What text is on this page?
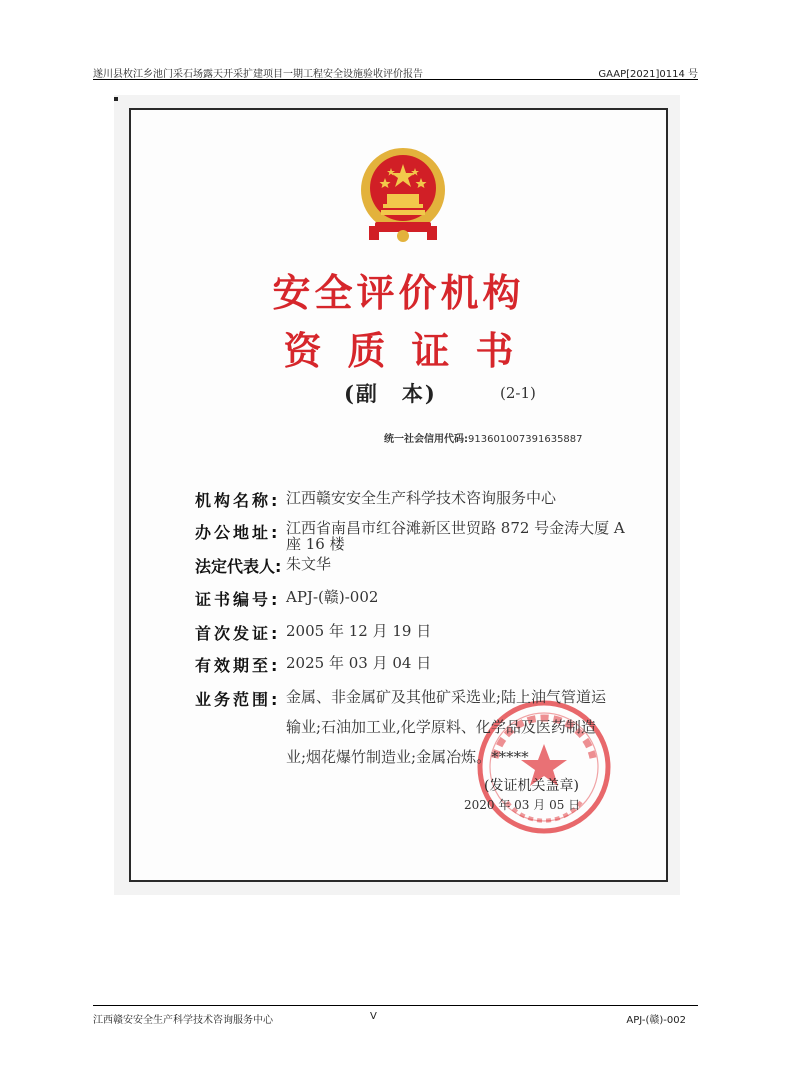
遂川县枚江乡池门采石场露天开采扩建项目一期工程安全设施验收评价报告	GAAP[2021]0114 号
安全评价机构
资质证书
(副　本)	(2-1)
统一社会信用代码:913601007391635887
机构名称: 江西赣安安全生产科学技术咨询服务中心
办公地址: 江西省南昌市红谷滩新区世贸路 872 号金涛大厦 A
座 16 楼
法定代表人: 朱文华
证书编号: APJ-(赣)-002
首次发证: 2005 年 12 月 19 日
有效期至: 2025 年 03 月 04 日
业务范围: 金属、非金属矿及其他矿采选业;陆上油气管道运
输业;石油加工业,化学原料、化学品及医药制造
业;烟花爆竹制造业;金属冶炼。*****
(发证机关盖章)
2020 年 03 月 05 日
江西赣安安全生产科学技术咨询服务中心	V	APJ-(赣)-002
